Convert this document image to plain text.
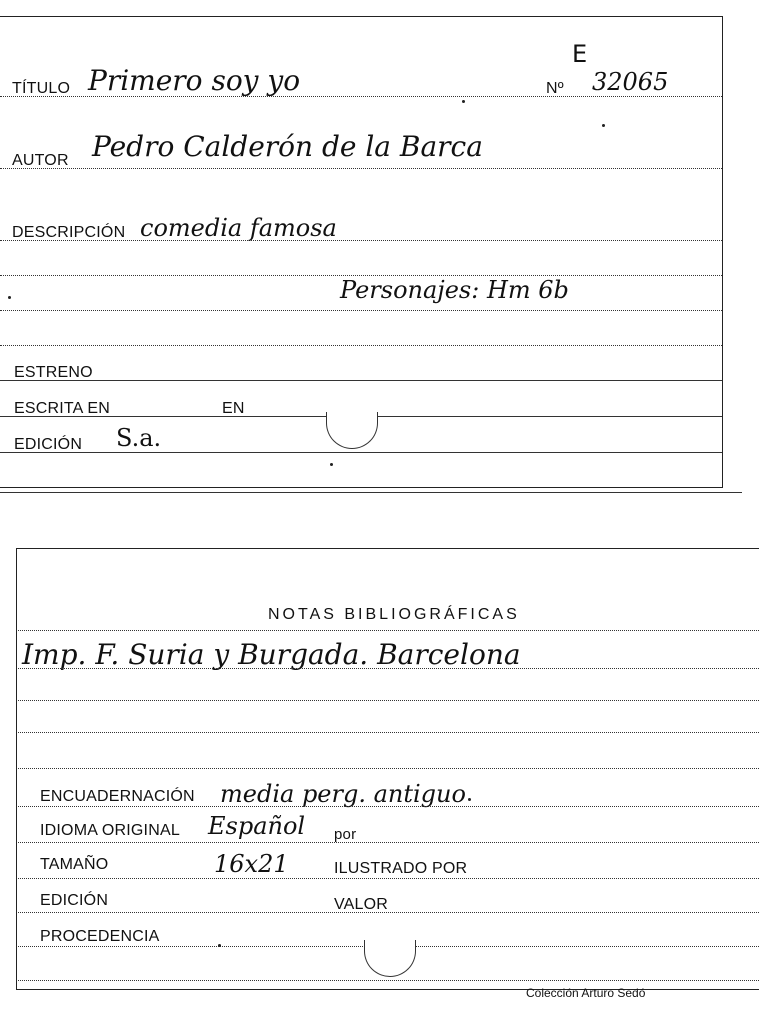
TÍTULO Primero soy yo
E
Nº 32065
AUTOR Pedro Calderón de la Barca
DESCRIPCIÓN comedia famosa
Personajes: Hm 6b
ESTRENO
ESCRITA EN	EN
EDICIÓN S.a.
NOTAS BIBLIOGRÁFICAS
Imp. F. Suria y Burgada. Barcelona
ENCUADERNACIÓN media perg. antiguo
IDIOMA ORIGINAL Español por
TAMAÑO	16x21	ILUSTRADO POR
EDICIÓN	VALOR
PROCEDENCIA
Colección Arturo Sedó
